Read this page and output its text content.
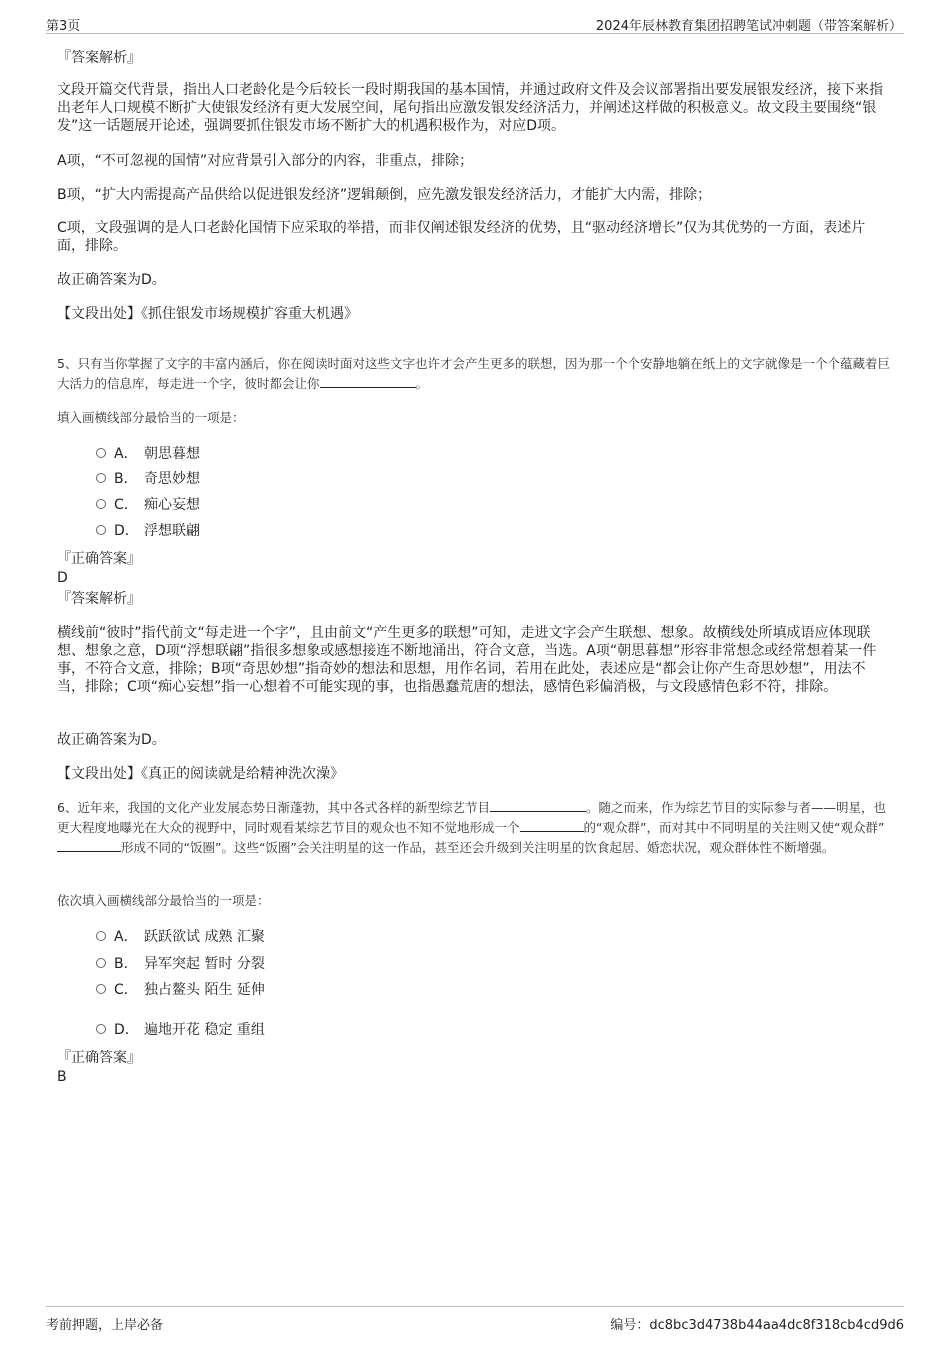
第3页	2024年辰林教育集团招聘笔试冲刺题（带答案解析）
『答案解析』
文段开篇交代背景，指出人口老龄化是今后较长一段时期我国的基本国情，并通过政府文件及会议部署指出要发展银发经济，接下来指出老年人口规模不断扩大使银发经济有更大发展空间，尾句指出应激发银发经济活力，并阐述这样做的积极意义。故文段主要围绕“银发”这一话题展开论述，强调要抓住银发市场不断扩大的机遇积极作为，对应D项。
A项，“不可忽视的国情”对应背景引入部分的内容，非重点，排除；
B项，“扩大内需提高产品供给以促进银发经济”逻辑颠倒，应先激发银发经济活力，才能扩大内需，排除；
C项，文段强调的是人口老龄化国情下应采取的举措，而非仅阐述银发经济的优势，且“驱动经济增长”仅为其优势的一方面，表述片面，排除。
故正确答案为D。
【文段出处】《抓住银发市场规模扩容重大机遇》
5、只有当你掌握了文字的丰富内涵后，你在阅读时面对这些文字也许才会产生更多的联想，因为那一个个安静地躺在纸上的文字就像是一个个蕴藏着巨大活力的信息库，每走进一个字，彼时都会让你	。
填入画横线部分最恰当的一项是：
A． 朝思暮想
B． 奇思妙想
C． 痴心妄想
D． 浮想联翩
『正确答案』
D
『答案解析』
横线前“彼时”指代前文“每走进一个字”，且由前文“产生更多的联想”可知，走进文字会产生联想、想象。故横线处所填成语应体现联想、想象之意，D项“浮想联翩”指很多想象或感想接连不断地涌出，符合文意，当选。A项“朝思暮想”形容非常想念或经常想着某一件事，不符合文意，排除；B项“奇思妙想”指奇妙的想法和思想，用作名词，若用在此处，表述应是“都会让你产生奇思妙想”，用法不当，排除；C项“痴心妄想”指一心想着不可能实现的事，也指愚蠢荒唐的想法，感情色彩偏消极，与文段感情色彩不符，排除。
故正确答案为D。
【文段出处】《真正的阅读就是给精神洗次澡》
6、近年来，我国的文化产业发展态势日渐蓬勃，其中各式各样的新型综艺节目	。随之而来，作为综艺节目的实际参与者——明星，也更大程度地曝光在大众的视野中，同时观看某综艺节目的观众也不知不觉地形成一个	的“观众群”，而对其中不同明星的关注则又使“观众群”形成不同的“饭圈”。这些“饭圈”会关注明星的这一作品，甚至还会升级到关注明星的饮食起居、婚恋状况，观众群体性不断增强。
依次填入画横线部分最恰当的一项是：
A． 跃跃欲试 成熟 汇聚
B． 异军突起 暂时 分裂
C． 独占鳌头 陌生 延伸
D． 遍地开花 稳定 重组
『正确答案』
B
考前押题，上岸必备	编号：dc8bc3d4738b44aa4dc8f318cb4cd9d6
